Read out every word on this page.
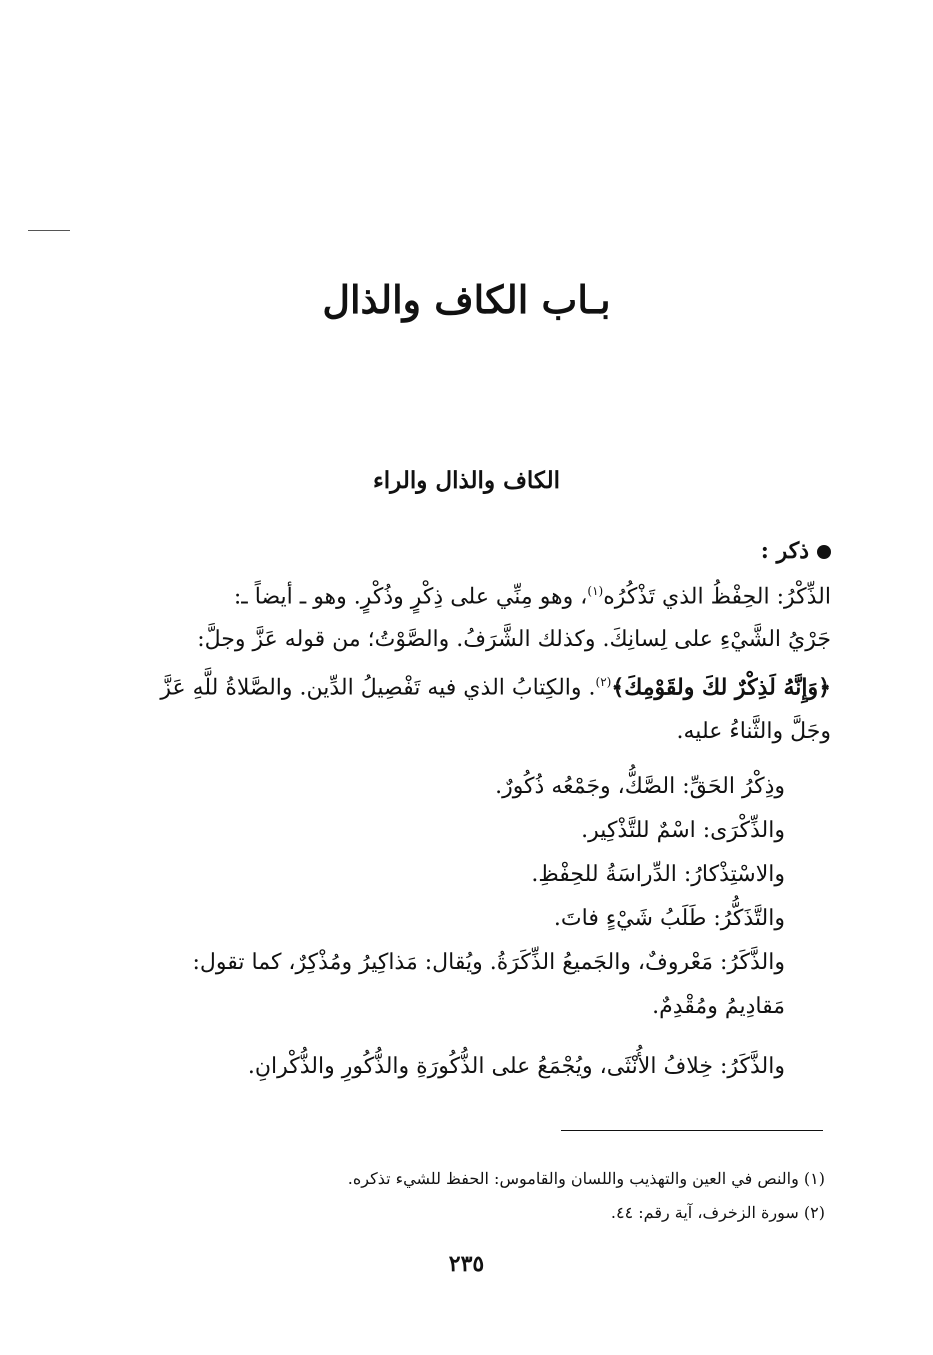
بـاب الكاف والذال
الكاف والذال والراء
ذكر :

الذِّكْرُ: الحِفْظُ الذي تَذْكُرُه$^{(١)}$، وهو مِنِّي على ذِكْرٍ وذُكْرٍ. وهو ـ أيضاً ـ:

جَرْيُ الشَّيْءِ على لِسانِكَ. وكذلك الشَّرَفُ. والصَّوْتُ؛ من قوله عَزَّ وجلَّ:

﴿وَإِنَّهُ لَذِكْرٌ لكَ ولقَوْمِكَ﴾$^{(٢)}$. والكِتابُ الذي فيه تَفْصِيلُ الدِّين. والصَّلاةُ للَّهِ عَزَّ

وجَلَّ والثَّناءُ عليه.

وذِكْرُ الحَقِّ: الصَّكُّ، وجَمْعُه ذُكُورٌ.

والذِّكْرَى: اسْمٌ للتَّذْكِير.

والاسْتِذْكارُ: الدِّراسَةُ للحِفْظِ.

والتَّذَكُّرُ: طَلَبُ شَيْءٍ فاتَ.

والذَّكَرُ: مَعْروفٌ، والجَميعُ الذِّكَرَةُ. ويُقال: مَذاكِيرُ ومُذْكِرٌ، كما تقول:

مَقادِيمُ ومُقْدِمٌ.

والذَّكَرُ: خِلافُ الأُنْثَى، ويُجْمَعُ على الذُّكُورَةِ والذُّكُورِ والذُّكْرانِ.

(١) والنص في العين والتهذيب واللسان والقاموس: الحفظ للشيء تذكره.

(٢) سورة الزخرف، آية رقم: ٤٤.

٢٣٥
